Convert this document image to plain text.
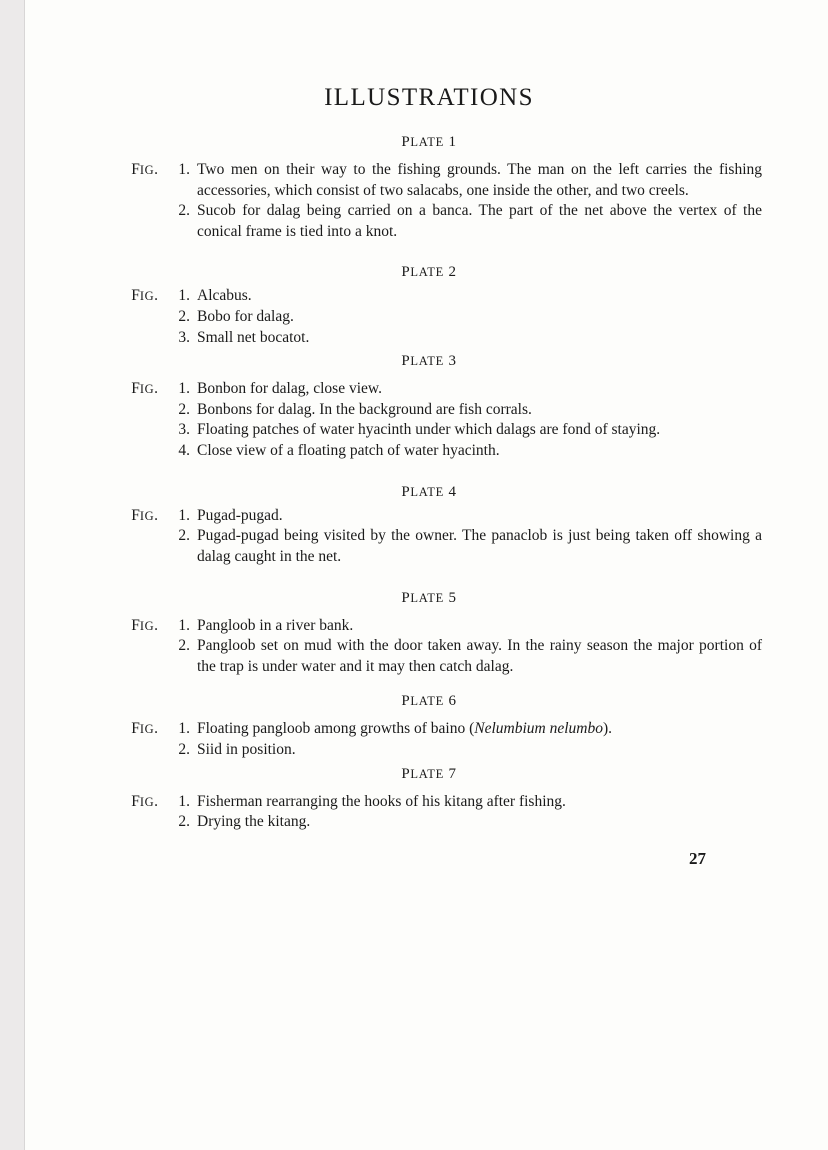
ILLUSTRATIONS
PLATE 1
FIG.	1. Two men on their way to the fishing grounds. The man on the left carries the fishing accessories, which consist of two salacabs, one inside the other, and two creels.
2. Sucob for dalag being carried on a banca. The part of the net above the vertex of the conical frame is tied into a knot.
PLATE 2
FIG.	1. Alcabus.
2. Bobo for dalag.
3. Small net bocatot.
PLATE 3
FIG.	1. Bonbon for dalag, close view.
2. Bonbons for dalag. In the background are fish corrals.
3. Floating patches of water hyacinth under which dalags are fond of staying.
4. Close view of a floating patch of water hyacinth.
PLATE 4
FIG.	1. Pugad-pugad.
2. Pugad-pugad being visited by the owner. The panaclob is just being taken off showing a dalag caught in the net.
PLATE 5
FIG.	1. Pangloob in a river bank.
2. Pangloob set on mud with the door taken away. In the rainy season the major portion of the trap is under water and it may then catch dalag.
PLATE 6
FIG.	1. Floating pangloob among growths of baino (Nelumbium nelumbo).
2. Siid in position.
PLATE 7
FIG.	1. Fisherman rearranging the hooks of his kitang after fishing.
2. Drying the kitang.
27
